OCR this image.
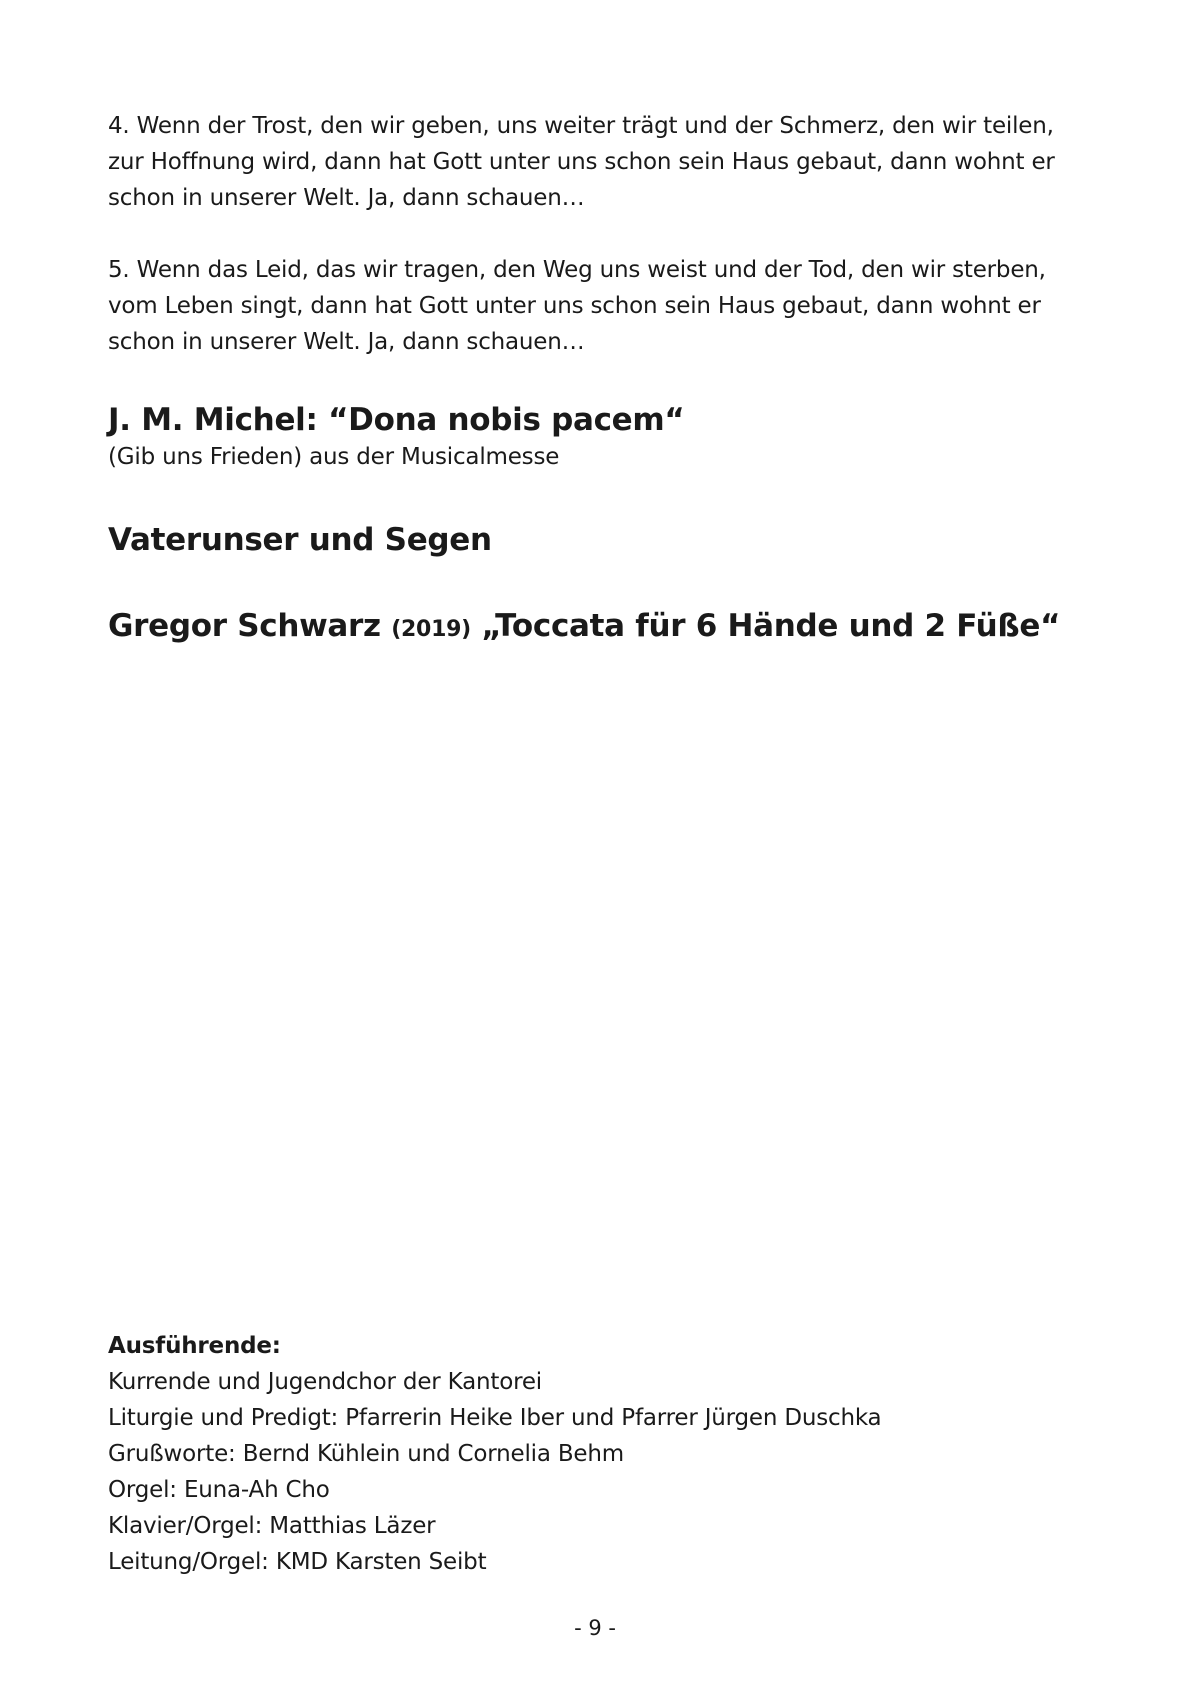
4. Wenn der Trost, den wir geben, uns weiter trägt und der Schmerz, den wir teilen,
zur Hoffnung wird, dann hat Gott unter uns schon sein Haus gebaut, dann wohnt er
schon in unserer Welt. Ja, dann schauen…
5. Wenn das Leid, das wir tragen, den Weg uns weist und der Tod, den wir sterben,
vom Leben singt, dann hat Gott unter uns schon sein Haus gebaut, dann wohnt er
schon in unserer Welt. Ja, dann schauen…
J. M. Michel: “Dona nobis pacem“
(Gib uns Frieden) aus der Musicalmesse
Vaterunser und Segen
Gregor Schwarz (2019) „Toccata für 6 Hände und 2 Füße“
Ausführende:
Kurrende und Jugendchor der Kantorei
Liturgie und Predigt: Pfarrerin Heike Iber und Pfarrer Jürgen Duschka
Grußworte: Bernd Kühlein und Cornelia Behm
Orgel: Euna-Ah Cho
Klavier/Orgel: Matthias Läzer
Leitung/Orgel: KMD Karsten Seibt
- 9 -
